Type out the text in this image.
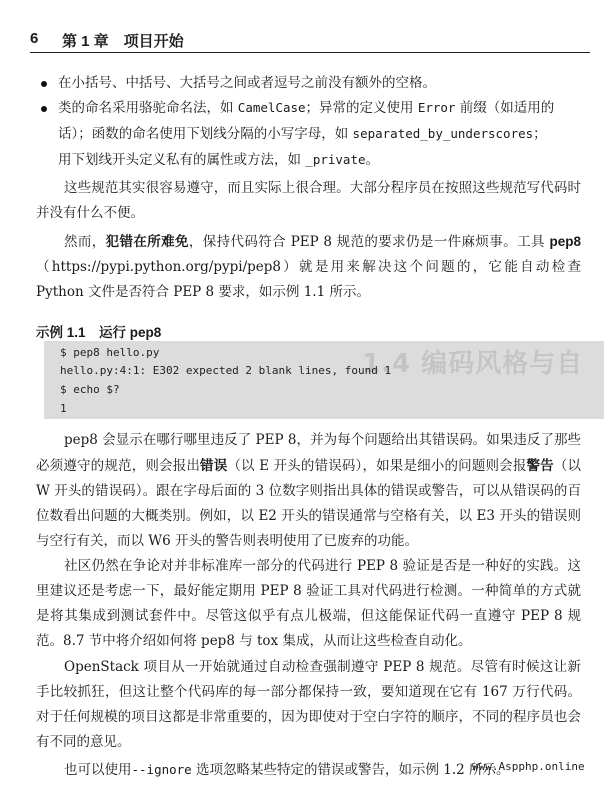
6 第 1 章　项目开始
在小括号、中括号、大括号之间或者逗号之前没有额外的空格。
类的命名采用骆驼命名法，如 CamelCase；异常的定义使用 Error 前缀（如适用的
话）；函数的命名使用下划线分隔的小写字母，如 separated_by_underscores；
用下划线开头定义私有的属性或方法，如 _private。
这些规范其实很容易遵守，而且实际上很合理。大部分程序员在按照这些规范写代码时并没有什么不便。
然而，犯错在所难免，保持代码符合 PEP 8 规范的要求仍是一件麻烦事。工具 pep8（https://pypi.python.org/pypi/pep8）就是用来解决这个问题的，它能自动检查 Python 文件是否符合 PEP 8 要求，如示例 1.1 所示。
示例 1.1　运行 pep8
1.4 编码风格与自
$ pep8 hello.py
hello.py:4:1: E302 expected 2 blank lines, found 1
$ echo $?
1
pep8 会显示在哪行哪里违反了 PEP 8，并为每个问题给出其错误码。如果违反了那些必须遵守的规范，则会报出错误（以 E 开头的错误码），如果是细小的问题则会报警告（以 W 开头的错误码）。跟在字母后面的 3 位数字则指出具体的错误或警告，可以从错误码的百位数看出问题的大概类别。例如，以 E2 开头的错误通常与空格有关，以 E3 开头的错误则与空行有关，而以 W6 开头的警告则表明使用了已废弃的功能。
社区仍然在争论对并非标准库一部分的代码进行 PEP 8 验证是否是一种好的实践。这里建议还是考虑一下，最好能定期用 PEP 8 验证工具对代码进行检测。一种简单的方式就是将其集成到测试套件中。尽管这似乎有点儿极端，但这能保证代码一直遵守 PEP 8 规范。8.7 节中将介绍如何将 pep8 与 tox 集成，从而让这些检查自动化。
OpenStack 项目从一开始就通过自动检查强制遵守 PEP 8 规范。尽管有时候这让新手比较抓狂，但这让整个代码库的每一部分都保持一致，要知道现在它有 167 万行代码。对于任何规模的项目这都是非常重要的，因为即使对于空白字符的顺序，不同的程序员也会有不同的意见。
也可以使用--ignore 选项忽略某些特定的错误或警告，如示例 1.2 所示。
www.Aspphp.online
